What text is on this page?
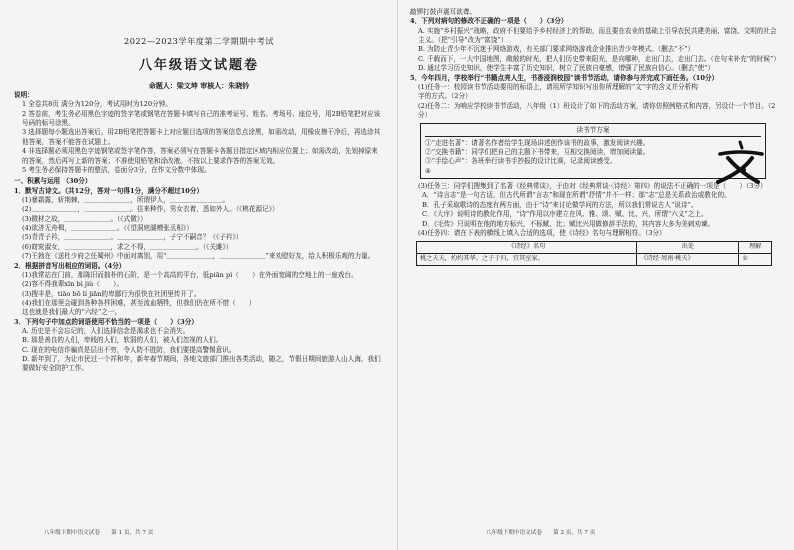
2022—2023学年度第二学期期中考试
八年级语文试题卷
命题人：梁文坤 审核人：朱晓钤

说明：

1 全卷共8页 满分为120分，考试用时为120分钟。

2 答卷前，考生务必用黑色字迹的签字笔或钢笔在答题卡填写自己的准考证号、姓名、考场号、座位号，用2B铅笔把对应该号码的标号涂黑。

3 选择题每小题选出答案后，用2B铅笔把答题卡上对应题目选项的答案信息点涂黑，如需改动，用橡皮擦干净后，再选涂其他答案，答案不能答在试题上。

4 非选择题必须用黑色字迹钢笔或签字笔作答，答案必须写在答题卡各题目指定区域内相应位置上；如需改动，先划掉原来的答案，然后再写上新的答案；不准使用铅笔和涂改液。不按以上要求作答的答案无效。

5 考生务必保持答题卡的整洁，卷面分3分，在作文分数中体现。

一、积累与运用 （30分）

1．默写古诗文。（共12分，答对一句得1分，满分不超过10分）

(1)暴霜露，斩荆棘，＿＿＿＿＿＿＿，所谓伊人，＿＿＿＿＿＿＿＿。

(2)＿＿＿＿＿＿＿，＿＿＿＿＿＿＿。往来种作，男女衣着，悉如外人。（《桃花源记》）

(3)微材之故，＿＿＿＿＿＿＿。（《式微》）

(4)欲济无舟楫，＿＿＿＿＿＿＿。（《望洞庭湖赠张丞相》）

(5)青青子衿，＿＿＿＿＿＿＿。＿＿＿＿＿＿＿，子宁不嗣音？（《子衿》）

(6)窈窕淑女，＿＿＿＿＿＿＿，求之不得，＿＿＿＿＿＿＿。（《关雎》）

(7)王勃在《送杜少府之任蜀州》中面对离别，用“＿＿＿＿＿＿＿，＿＿＿＿＿＿＿”来劝慰好友，给人积极乐观的力量。

2．根据拼音写出相应的词语。（4分）

(1)我常站在门前，那陈旧而拙朴的石阶，是一个高高的平台，低piān pì（　　）在外面宽阔的空地上的一座戏台。

(2)容不得我辈xīn bì jiù（　　）。

(3)搜丰是，tiāo bō lí jiān的卑鄙行为很快在社团里传开了。

(4)我们在那里会碰到各种各样困难，甚至流血牺牲，但我们仍在所不惜（　　）

这也就是我们最大的“六经”之一。

3．下列句子中加点的词语使用不恰当的一项是（　　）（3分）

A. 历史是不会忘记的，人们选择信念是渴求也不会消失。

B. 那是善良的人们，卑贱的人们，软弱的人们，被人们忽视的人们。

C. 现在的电信诈骗真是层出不穷，令人防不胜防，我们要提高警惕意识。

D. 新年到了，为让市民过一个祥和年，新年春节期间，各地文旅部门推出各类活动，随之，节假日期间旅游人山人海，我们要做好安全防护工作。

八年级下期中语文试卷　　第 1 页，共 7 页

敲锣打鼓声震耳欲聋。

4．下列对病句的修改不正确的一项是（　　）（3分）

A. 实施“乡村振兴”战略，政府不但要给予乡村经济上的帮助，而且要在农业的基础上引导农民共建美丽、富饶、文明的社会主义。（把“引导”改为“富饶”）

B. 为防止青少年不沉迷于网络游戏，有关部门要求网络游戏企业推出青少年模式。（删去“不”）

C. 千载而下，一大中国地图，敞敞的时光，把人们历史带来阳光，是向哪种，走出门去，走出门去。（在句末补充“的时候”）

D. 通过学习历史知识，使学生丰富了历史知识，树立了民族自豪感，增强了民族自信心。（删去“使”）

5．今年四月，学校举行“书籍点亮人生，书香浸润校园”读书节活动，请你参与并完成下面任务。（10分）

(1)任务一：校园读书节活动要用的标语上，请用所学知识写出你所理解的“文”字的含义并分析构字的方式。（2分）

(2)任务二：为响应学校读书节活动，八年级（1）班设计了如下的活动方案，请你仿照例格式和内容，另设计一个节目。（2分）

读书节方案

①“走进名著”：请著名作者给学生现场讲述创作该书的故事，激发阅读兴趣。

②“交换书籍”：同学们把自己的主题下书带来，互相交换阅读，增加阅读量。

③“手绘心声”：各班举行读书手抄报的设计比赛，记录阅读感受。

④

(3)任务三：同学们搜集到了名著《经典常谈》，于由对《经典常谈·〈诗经〉第四》的说法不正确的一项是（　　）（3分）

A．“诗言志”是一句古话，但古代所谓“言志”和现在所谓“抒情”并不一样；那“志”总是关系政治或教化的。

B．孔子采取歌诗的态度有两方面，由于“诗”来讨论做学问的方法，所以我们常说古人“说诗”。

C．《大序》说明诗的教化作用，“诗”作用以序建立在风、雅、颂、赋、比、兴，所谓“六义”之上。

D．《毛传》只说明在他的地方标兴，不标赋、比；赋比兴用做修辞手法的，其内容大多为美刺劝谏。

(4)任务四：请在下表的横线上填入合适的选项，使《诗经》名句与理解相符。（3分）

《诗经》名句	出处	理解
桃之夭夭，灼灼其华。之子于归，宜其室家。	《诗经·周南·桃夭》	①
八年级下期中语文试卷　　第 2 页，共 7 页
